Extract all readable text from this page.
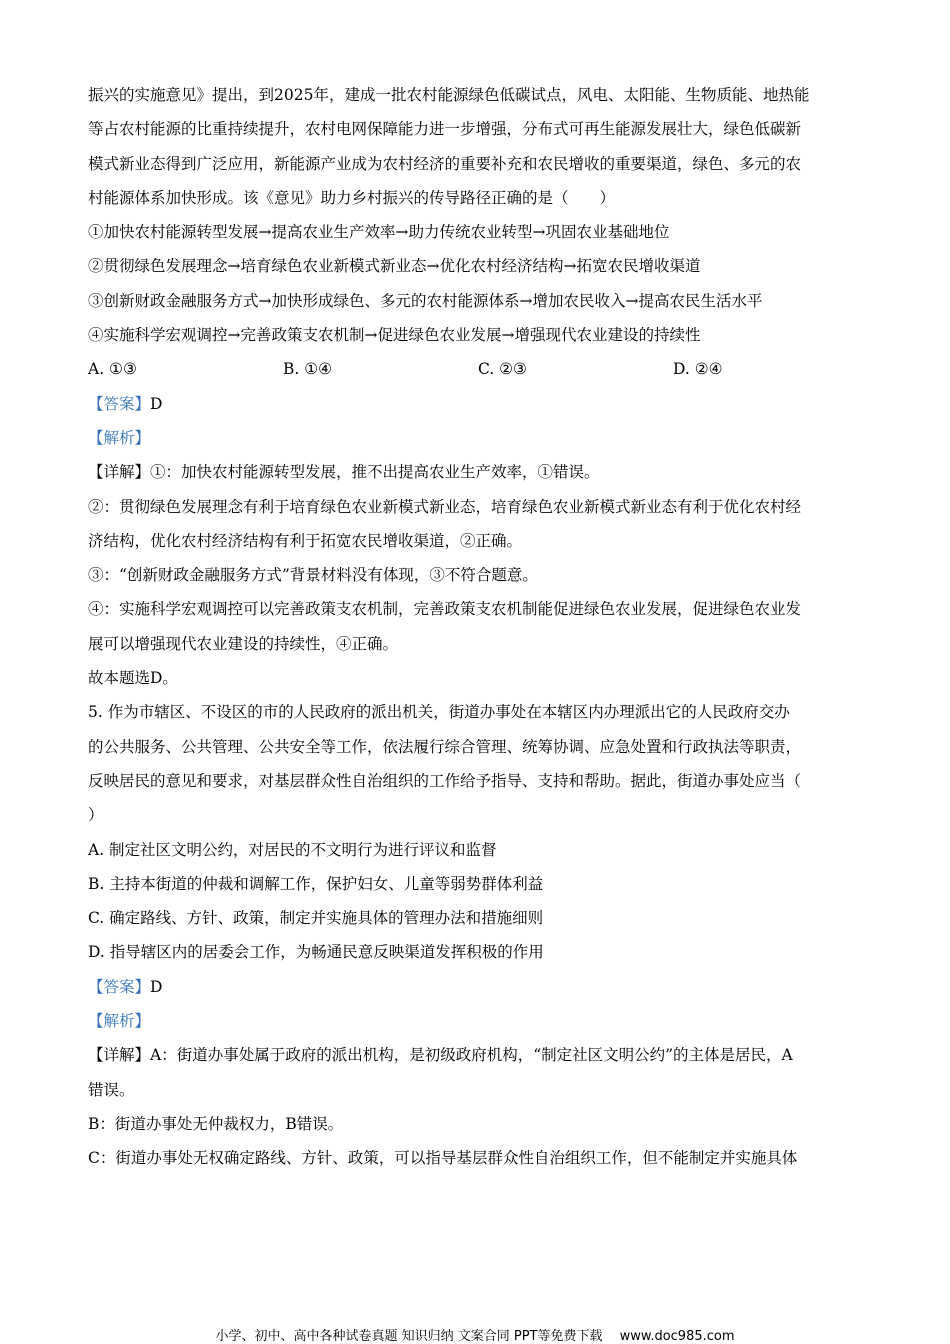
振兴的实施意见》提出，到2025年，建成一批农村能源绿色低碳试点，风电、太阳能、生物质能、地热能
等占农村能源的比重持续提升，农村电网保障能力进一步增强，分布式可再生能源发展壮大，绿色低碳新
模式新业态得到广泛应用，新能源产业成为农村经济的重要补充和农民增收的重要渠道，绿色、多元的农
村能源体系加快形成。该《意见》助力乡村振兴的传导路径正确的是（　　）
①加快农村能源转型发展→提高农业生产效率→助力传统农业转型→巩固农业基础地位
②贯彻绿色发展理念→培育绿色农业新模式新业态→优化农村经济结构→拓宽农民增收渠道
③创新财政金融服务方式→加快形成绿色、多元的农村能源体系→增加农民收入→提高农民生活水平
④实施科学宏观调控→完善政策支农机制→促进绿色农业发展→增强现代农业建设的持续性
A. ①③	B. ①④	C. ②③	D. ②④
【答案】D
【解析】
【详解】①：加快农村能源转型发展，推不出提高农业生产效率，①错误。
②：贯彻绿色发展理念有利于培育绿色农业新模式新业态，培育绿色农业新模式新业态有利于优化农村经
济结构，优化农村经济结构有利于拓宽农民增收渠道，②正确。
③：“创新财政金融服务方式”背景材料没有体现，③不符合题意。
④：实施科学宏观调控可以完善政策支农机制，完善政策支农机制能促进绿色农业发展，促进绿色农业发
展可以增强现代农业建设的持续性，④正确。
故本题选D。
5. 作为市辖区、不设区的市的人民政府的派出机关，街道办事处在本辖区内办理派出它的人民政府交办
的公共服务、公共管理、公共安全等工作，依法履行综合管理、统筹协调、应急处置和行政执法等职责，
反映居民的意见和要求，对基层群众性自治组织的工作给予指导、支持和帮助。据此，街道办事处应当（
）
A. 制定社区文明公约，对居民的不文明行为进行评议和监督
B. 主持本街道的仲裁和调解工作，保护妇女、儿童等弱势群体利益
C. 确定路线、方针、政策，制定并实施具体的管理办法和措施细则
D. 指导辖区内的居委会工作，为畅通民意反映渠道发挥积极的作用
【答案】D
【解析】
【详解】A：街道办事处属于政府的派出机构，是初级政府机构，“制定社区文明公约”的主体是居民，A
错误。
B：街道办事处无仲裁权力，B错误。
C：街道办事处无权确定路线、方针、政策，可以指导基层群众性自治组织工作，但不能制定并实施具体
小学、初中、高中各种试卷真题 知识归纳 文案合同 PPT等免费下载　 www.doc985.com
